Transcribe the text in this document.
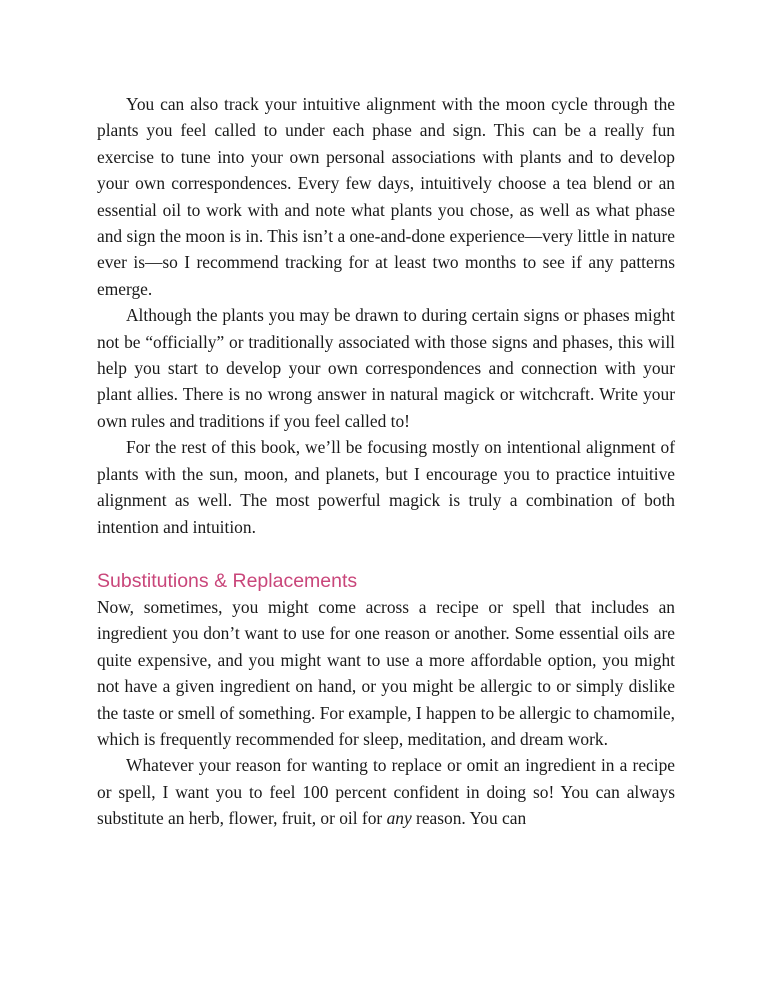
You can also track your intuitive alignment with the moon cycle through the plants you feel called to under each phase and sign. This can be a really fun exercise to tune into your own personal associations with plants and to develop your own correspondences. Every few days, intuitively choose a tea blend or an essential oil to work with and note what plants you chose, as well as what phase and sign the moon is in. This isn’t a one-and-done experience—very little in nature ever is—so I recommend tracking for at least two months to see if any patterns emerge.

Although the plants you may be drawn to during certain signs or phases might not be “officially” or traditionally associated with those signs and phases, this will help you start to develop your own correspondences and connection with your plant allies. There is no wrong answer in natural magick or witchcraft. Write your own rules and traditions if you feel called to!

For the rest of this book, we’ll be focusing mostly on intentional alignment of plants with the sun, moon, and planets, but I encourage you to practice intuitive alignment as well. The most powerful magick is truly a combination of both intention and intuition.

Substitutions & Replacements

Now, sometimes, you might come across a recipe or spell that includes an ingredient you don’t want to use for one reason or another. Some essential oils are quite expensive, and you might want to use a more affordable option, you might not have a given ingredient on hand, or you might be allergic to or simply dislike the taste or smell of something. For example, I happen to be allergic to chamomile, which is frequently recommended for sleep, meditation, and dream work.

Whatever your reason for wanting to replace or omit an ingredient in a recipe or spell, I want you to feel 100 percent confident in doing so! You can always substitute an herb, flower, fruit, or oil for any reason. You can
